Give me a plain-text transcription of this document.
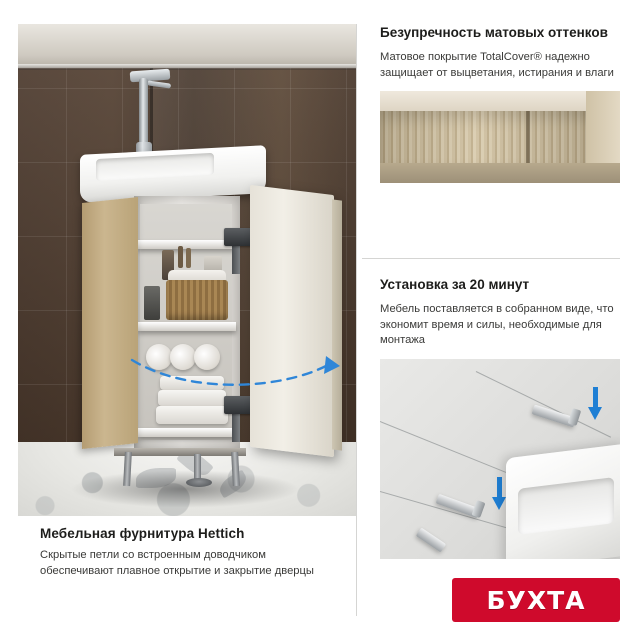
Мебельная фурнитура Hettich

Скрытые петли со встроенным доводчиком обеспечивают плавное открытие и закрытие дверцы

Безупречность матовых оттенков

Матовое покрытие TotalCover® надежно защищает от выцветания, истирания и влаги

Установка за 20 минут

Мебель поставляется в собранном виде, что экономит время и силы, необходимые для монтажа

БУХТА
